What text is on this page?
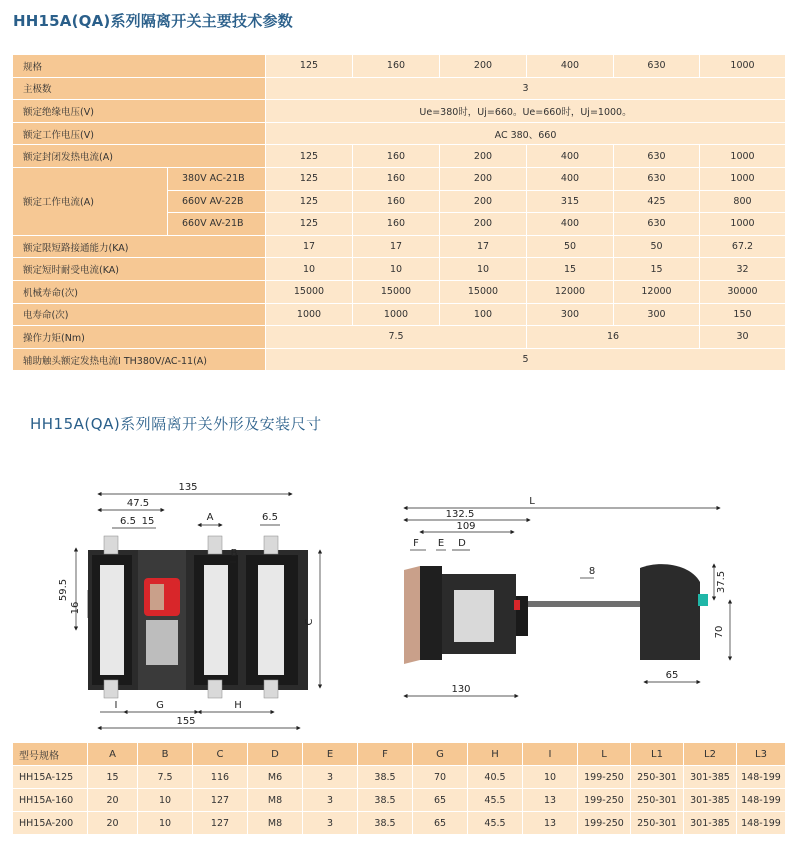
HH15A(QA)系列隔离开关主要技术参数
规格		125	160	200	400	630	1000
主极数		3					
额定绝缘电压(V)		Ue=380时，Uj=660。Ue=660时，Uj=1000。					
额定工作电压(V)		AC 380、660					
额定封闭发热电流(A)		125	160	200	400	630	1000
额定工作电流(A)	380V AC-21B	125	160	200	400	630	1000
	660V AV-22B	125	160	200	315	425	800
	660V AV-21B	125	160	200	400	630	1000
额定限短路接通能力(KA)		17	17	17	50	50	67.2
额定短时耐受电流(KA)		10	10	10	15	15	32
机械寿命(次)		15000	15000	15000	12000	12000	30000
电寿命(次)		1000	1000	100	300	300	150
操作力矩(Nm)		7.5			16		30
辅助触头额定发热电流I TH380V/AC-11(A)		5					
HH15A(QA)系列隔离开关外形及安装尺寸
135
47.5
6.5 15	A	6.5
B
59.5
16
C
I	G	H
155
L
132.5
109
F E D
8	37.5
70
65
130
型号规格	A	B	C	D	E	F	G	H	I	L	L1	L2	L3
HH15A-125	15	7.5	116	M6	3	38.5	70	40.5	10	199-250	250-301	301-385	148-199
HH15A-160	20	10	127	M8	3	38.5	65	45.5	13	199-250	250-301	301-385	148-199
HH15A-200	20	10	127	M8	3	38.5	65	45.5	13	199-250	250-301	301-385	148-199
